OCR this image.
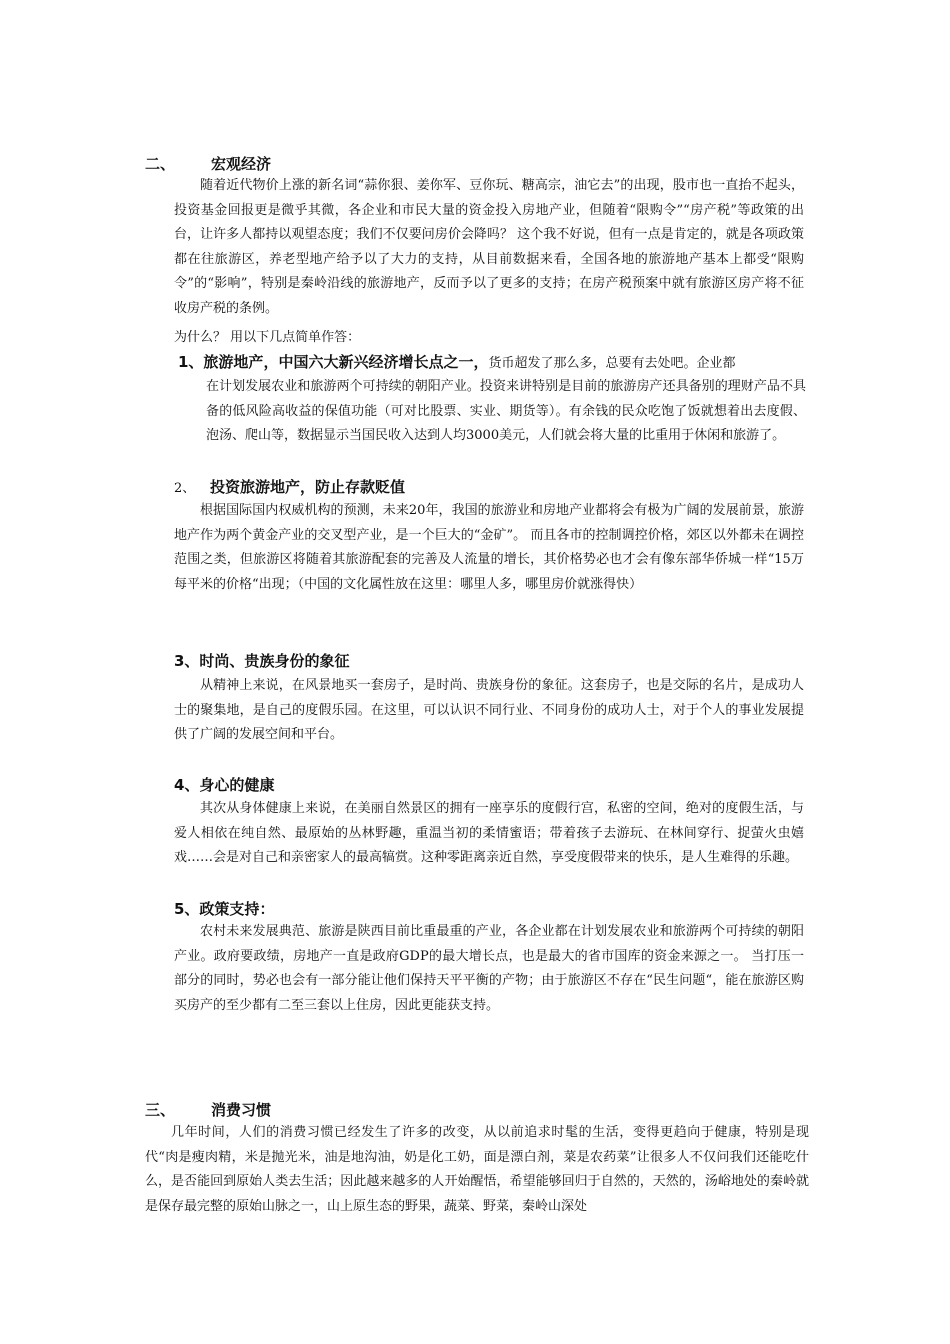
二、 宏观经济

随着近代物价上涨的新名词“蒜你狠、姜你军、豆你玩、糖高宗，油它去”的出现，股市也一直抬不起头，投资基金回报更是微乎其微，各企业和市民大量的资金投入房地产业，但随着“限购令”“房产税”等政策的出台，让许多人都持以观望态度；我们不仅要问房价会降吗？ 这个我不好说，但有一点是肯定的，就是各项政策都在往旅游区，养老型地产给予以了大力的支持，从目前数据来看，全国各地的旅游地产基本上都受“限购令”的“影响”，特别是秦岭沿线的旅游地产，反而予以了更多的支持；在房产税预案中就有旅游区房产将不征收房产税的条例。

为什么？ 用以下几点简单作答：
1、旅游地产，中国六大新兴经济增长点之一，货币超发了那么多，总要有去处吧。企业都

在计划发展农业和旅游两个可持续的朝阳产业。投资来讲特别是目前的旅游房产还具备别的理财产品不具备的低风险高收益的保值功能（可对比股票、实业、期货等）。有余钱的民众吃饱了饭就想着出去度假、泡汤、爬山等，数据显示当国民收入达到人均3000美元，人们就会将大量的比重用于休闲和旅游了。

2、 投资旅游地产，防止存款贬值

根据国际国内权威机构的预测，未来20年，我国的旅游业和房地产业都将会有极为广阔的发展前景，旅游地产作为两个黄金产业的交叉型产业，是一个巨大的“金矿”。 而且各市的控制调控价格，郊区以外都未在调控范围之类，但旅游区将随着其旅游配套的完善及人流量的增长，其价格势必也才会有像东部华侨城一样“15万每平米的价格“出现；（中国的文化属性放在这里：哪里人多，哪里房价就涨得快）

3、时尚、贵族身份的象征

从精神上来说，在风景地买一套房子，是时尚、贵族身份的象征。这套房子，也是交际的名片，是成功人士的聚集地，是自己的度假乐园。在这里，可以认识不同行业、不同身份的成功人士，对于个人的事业发展提供了广阔的发展空间和平台。

4、身心的健康

其次从身体健康上来说，在美丽自然景区的拥有一座享乐的度假行宫，私密的空间，绝对的度假生活，与爱人相依在纯自然、最原始的丛林野趣，重温当初的柔情蜜语；带着孩子去游玩、在林间穿行、捉萤火虫嬉戏……会是对自己和亲密家人的最高犒赏。这种零距离亲近自然，享受度假带来的快乐，是人生难得的乐趣。

5、政策支持：

农村未来发展典范、旅游是陕西目前比重最重的产业，各企业都在计划发展农业和旅游两个可持续的朝阳产业。政府要政绩，房地产一直是政府GDP的最大增长点，也是最大的省市国库的资金来源之一。 当打压一部分的同时，势必也会有一部分能让他们保持天平平衡的产物；由于旅游区不存在“民生问题“，能在旅游区购买房产的至少都有二至三套以上住房，因此更能获支持。

三、 消费习惯

几年时间，人们的消费习惯已经发生了许多的改变，从以前追求时髦的生活，变得更趋向于健康，特别是现代“肉是瘦肉精，米是抛光米，油是地沟油，奶是化工奶，面是漂白剂，菜是农药菜”让很多人不仅问我们还能吃什么，是否能回到原始人类去生活；因此越来越多的人开始醒悟，希望能够回归于自然的，天然的，汤峪地处的秦岭就是保存最完整的原始山脉之一，山上原生态的野果，蔬菜、野菜，秦岭山深处
